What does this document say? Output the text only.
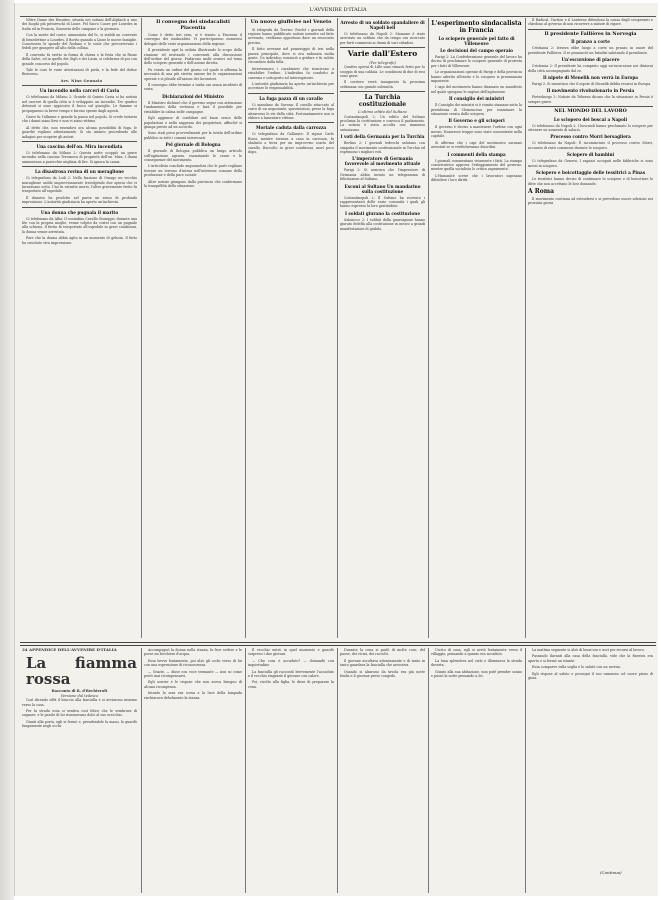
L'AVVENIRE D'ITALIA

Nôtre Dame des Exsuites, situata nei sottani dell'Alphach a uno dei luoghi più pittoreschi di Lione. Pel Sacro Cuore per Lourdes in Italia ed in Francia, Sonneria delle campane e la giornata.

Con la morte del conte, annunziata dal fr., si stabili un convento di benedettine a Lourdes, il fiorito quando a Lione le nuove famiglie. Concessero le sponde del Rodano e le scale che percorrevano i fedeli per giungere all'alto della collina.

Il convento fu eretto in forma di chiesa e la festa che in Rione della Salve, ed in quello dei Gigli e dei Lusin, si celebrava di poi con grande concorso del popolo.

Tale le cose le varie attestazioni di pietà, e la fede del dottor Bienvenu.

Avv. Nino Gennaio

Un incendio nella carceri di Cavia

Ci telefonano da Milano 2: Grande di Quinto Cavia si ha notizia nel carcere di quella città si è sviluppato un incendio. Tre quattro detenuti si sono appiccato il fuoco sul giaciglio. Le fiamme si propagarono in breve tempo e furono spente dagli agenti.

Grave fu l'allarme e grande la paura nel popolo. Si crede tuttavia che i danni siano lievi e non vi siano vittime.

Al detto che, non essendovi ora alcuna possibilità di fuga, le guardie vigilano attentamente. Si sta intanto procedendo alle indagini per scoprire gli autori.

Una cascina dell'on. Mira incendiata

Ci telefonano da Milano 2: Questa notte scoppiò un grave incendio nella cascina Terranova di proprietà dell'on. Mira. I danni ammontano a parecchie migliaia di lire. Si ignora la causa.

La disastrosa rovina di un meraglione

Ci telegrafano da Lodi 2: Nella frazione di Ossago un vecchio muraglione cadde improvvisamente travolgendo due operai che vi lavoravano sotto. Uno fu estratto morto, l'altro gravemente ferito fu trasportato all'ospedale.

Il disastro ha prodotto nel paese un senso di profonda impressione. L'autorità giudiziaria ha aperto un'inchiesta.

Una donna che pugnala il marito

Ci telefonano da Alba: Il contadino Cavallo Giuseppe, durante una lite con la propria moglie, venne colpito da costei con un pugnale alla schiena. Il ferito fu trasportato all'ospedale in gravi condizioni, la donna venne arrestata.

Pare che la donna abbia agito in un momento di gelosia. Il fatto ha suscitato viva impressione.

Il convegno dei sindacalisti Piacentia

Come è detto ieri sera, si è tenuto a Piacenza il convegno dei sindacalisti. Vi parteciparono numerosi delegati delle varie organizzazioni della regione.

Il presidente aprì la seduta illustrando lo scopo della riunione ed invitando i convenuti alla discussione dell'ordine del giorno. Parlarono molti oratori sul tema dello sciopero generale e dell'azione diretta.

Fu votato un ordine del giorno col quale si afferma la necessità di una più stretta unione fra le organizzazioni operaie e si plaude all'azione dei lavoratori.

Il convegno ebbe termine a tarda ora senza incidenti di sorta.

Dichiarazioni del Ministro

Il Ministro dichiarò che il governo segue con attenzione l'andamento della vertenza e farà il possibile per ristabilire la calma nelle campagne.

Egli aggiunse di confidare nel buon senso delle popolazioni e nella saggezza dei proprietari, affinché si giunga presto ad un accordo.

Sono stati presi provvedimenti per la tutela dell'ordine pubblico in tutti i comuni interessati.

Pel giornale di Bologna

Il giornale di Bologna pubblica un lungo articolo sull'agitazione agraria, esaminando le cause e le conseguenze del movimento.

L'articolista conclude augurandosi che le parti vogliano trovare un terreno d'intesa nell'interesse comune della produzione e della pace sociale.

Altre notizie giungono dalla provincia che confermano la tranquillità della situazione.

Un nuovo giuffelee nel Veneto

Si telegrafa da Treviso: Poiché i giornali della regione hanno pubblicato notizie inesatte sul fatto avvenuto, crediamo opportuno dare un resoconto preciso.

Il fatto avvenne nel pomeriggio di ieri nella piazza principale, dove si era radunata molta gente. Un individuo cominciò a gridare e fu subito circondato dalla folla.

Intervennero i carabinieri che riuscirono a ristabilire l'ordine. L'individuo fu condotto in caserma e sottoposto ad interrogatorio.

L'autorità giudiziaria ha aperto un'inchiesta per accertare le responsabilità.

La fuga pazza di un cavallo

Ci mandano da Savona: Il cavallo attaccato al carro di un negoziante, spaventatosi, prese la fuga attraverso le vie della città. Fortunatamente non si ebbero a lamentare vittime.

Mortale caduta dalla carrozza

Ci telegrafano da Gallarate: Il signor Carlo Rossi, mentre tornava a casa in carrozza, fu sbalzato a terra per un improvviso scarto del cavallo. Raccolto in gravi condizioni, morì poco dopo.

Arresto di un soldato spandaliere di Napoli bell

Ci telefonano da Napoli 2: Stamane è stato arrestato un soldato che da tempo era ricercato per furti commessi ai danni di vari cittadini.

Varie dall'Estero
(Per telegrafo)

Quattro operai di Lille sono rimasti feriti per lo scoppio di una caldaia. Le condizioni di due di essi sono gravi.

Il corriere verrà inaugurato la prossima settimana con grande solennità.

La Turchia costituzionale
L'ultimo editto del Sultano

Costantinopoli 2: Un editto del Sultano proclama la costituzione e convoca il parlamento. La notizia è stata accolta con immenso entusiasmo.

I voti della Germania per la Turchia

Berlino 2: I giornali tedeschi salutano con simpatia il movimento costituzionale in Turchia ed esprimono i migliori voti.

L'imperatore di Germania favorevole al movimento attuale

Parigi 2: Si assicura che l'imperatore di Germania abbia inviato un telegramma di felicitazioni al Sultano.

Esconi al Sultano Un mandarino sulla costituzione

Costantinopoli 2: Il Sultano ha ricevuto i rappresentanti delle varie comunità i quali gli hanno espresso la loro gratitudine.

I soldati giurano la costituzione

Salonicco 2: I soldati della guarnigione hanno giurato fedeltà alla costituzione in mezzo a grandi manifestazioni di giubilo.

L'esperimento sindacalista in Francia
Lo sciopero generale pel fatto di Villeneuve
Le decisioni del campo operaio

Parigi 2: La Confederazione generale del lavoro ha deciso di proclamare lo sciopero generale di protesta per i fatti di Villeneuve.

Le organizzazioni operaie di Parigi e della provincia hanno aderito all'invito e lo sciopero si preannunzia imponente.

I capi del movimento hanno diramato un manifesto nel quale spiegano le ragioni dell'agitazione.

Il consiglio dei ministri

Il Consiglio dei ministri si è riunito stamane sotto la presidenza di Clemenceau per esaminare la situazione creata dallo sciopero.

Il Governo e gli scioperi

Il governo è deciso a mantenere l'ordine con ogni mezzo. Numerose truppe sono state concentrate nella capitale.

Si afferma che i capi del movimento saranno arrestati se si verificheranno disordini.

I commenti della stampa

I giornali commentano vivamente i fatti. La stampa conservatrice approva l'atteggiamento del governo, mentre quella socialista lo critica aspramente.

L'Humanité scrive che i lavoratori sapranno difendere i loro diritti.

Il Radical, l'Action e il Lanterne difendono la causa degli scioperanti e chiedono al governo di non ricorrere a misure di rigore.

Il presidente Fallières in Norvegia
Il pranzo a corte

Cristiania 2: Iersera ebbe luogo a corte un pranzo in onore del presidente Fallières. Il re pronunciò un brindisi salutando il presidente.

Un'escursione di piacere

Cristiania 2: Il presidente ha compiuto oggi un'escursione nei dintorni della città accompagnato dal re.

Il nipote di Menelik non verrà in Europa

Parigi 2: Si smentisce che il nipote di Menelik debba recarsi in Europa.

Il movimento rivoluzionario in Persia

Pietroburgo 2: Notizie da Teheran dicono che la situazione in Persia è sempre grave.

NEL MONDO DEL LAVORO
Lo sciopero dei boscai a Napoli

Ci telefonano da Napoli 2: I boscaioli hanno proclamato lo sciopero per ottenere un aumento di salario.

Processo contro Morri bersagliera

Ci telefonano da Napoli: È incominciato il processo contro Morri, accusato di reati commessi durante lo sciopero.

Sciopero di bambini

Ci telegrafano da Genova: I ragazzi occupati nelle fabbriche si sono messi in sciopero.

Sciopero e boicottaggio delle tessitrici a Pinas

Le tessitrici hanno deciso di continuare lo sciopero e di boicottare le ditte che non accettano le loro domande.

A Roma

Il movimento continua ad estendersi e si prevedono nuove adesioni nei prossimi giorni.

34 APPENDICE DELL'AVVENIRE D'ITALIA
La fiamma rossa
Racconto di R. d'Rechteroft
Versione dal tedesco

Così dicendo offrì il braccio alla fanciulla e si avviarono insieme verso la casa.

Per la strada essa si sentiva così felice che le sembrava di sognare, e le parole di lui risuonavano dolci al suo orecchio.

Giunti alla porta, egli si fermò e, prendendole la mano, la guardò lungamente negli occhi.

Accompagnò la donna nella stanza, la fece sedere e le porse un bicchiere d'acqua.

Essa bevve lentamente, poi alzò gli occhi verso di lui con una espressione di riconoscenza.

— Grazie, — disse con voce tremante — non so come potrò mai ricompensarvi.

Egli sorrise e le rispose che non aveva bisogno di alcuna ricompensa.

Intanto la sera era scesa e la luce della lampada rischiarava debolmente la stanza.

Il vecchio entrò in quel momento e guardò sorpreso i due giovani.

— Che cosa è accaduto? — domandò con inquietudine.

La fanciulla gli raccontò brevemente l'accaduto e il vecchio ringraziò il giovane con calore.

Poi, rivolto alla figlia, le disse di preparare la cena.

Durante la cena si parlò di molte cose, del paese, dei vicini, dei raccolti.

Il giovane ascoltava attentamente e di tanto in tanto guardava la fanciulla che arrossiva.

Quando si alzarono da tavola era già notte fonda e il giovane prese congedo.

Uscito di casa, egli si avviò lentamente verso il villaggio, pensando a quanto era accaduto.

La luna splendeva nel cielo e illuminava la strada deserta.

Giunto alla sua abitazione, non poté prender sonno e passò la notte pensando a lei.

La mattina seguente si alzò di buon'ora e uscì per recarsi al lavoro.

Passando davanti alla casa della fanciulla, vide che la finestra era aperta e si fermò un istante.

Essa comparve sulla soglia e lo salutò con un sorriso.

Egli rispose al saluto e proseguì il suo cammino col cuore pieno di gioia.

(Continua)
